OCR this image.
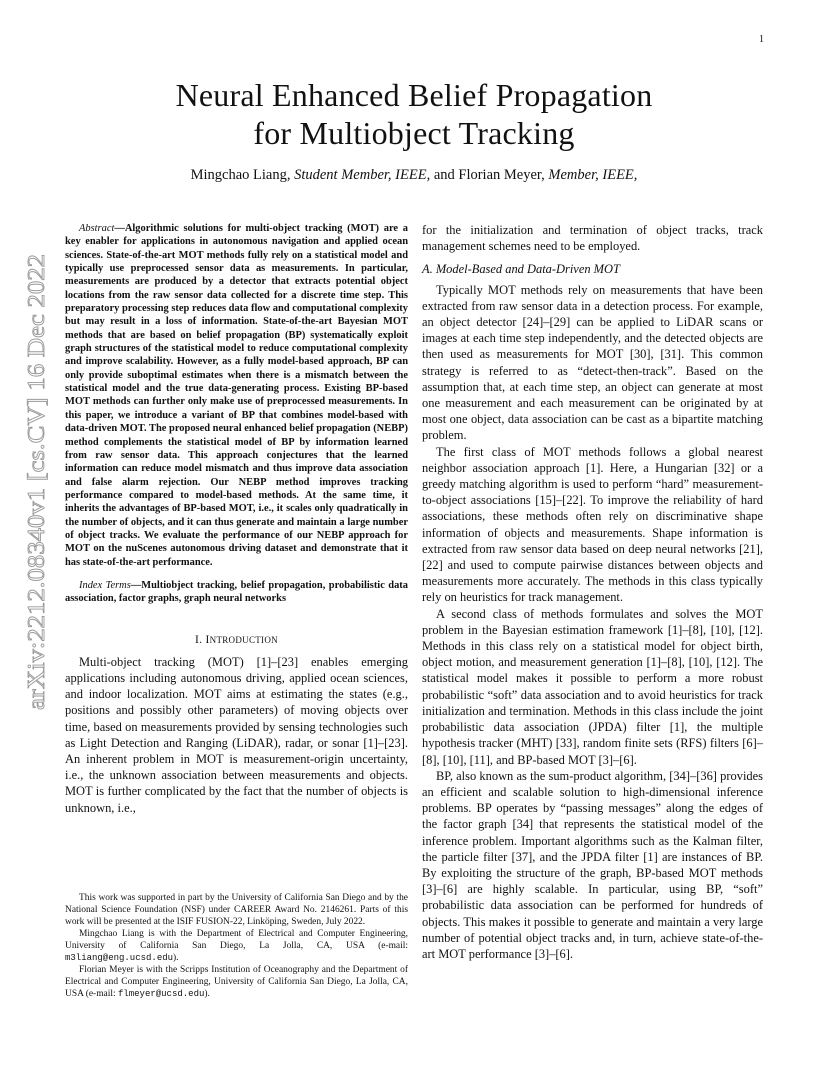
1
arXiv:2212.08340v1 [cs.CV] 16 Dec 2022
Neural Enhanced Belief Propagation
for Multiobject Tracking
Mingchao Liang, Student Member, IEEE, and Florian Meyer, Member, IEEE,

Abstract—Algorithmic solutions for multi-object tracking (MOT) are a key enabler for applications in autonomous navigation and applied ocean sciences. State-of-the-art MOT methods fully rely on a statistical model and typically use preprocessed sensor data as measurements. In particular, measurements are produced by a detector that extracts potential object locations from the raw sensor data collected for a discrete time step. This preparatory processing step reduces data flow and computational complexity but may result in a loss of information. State-of-the-art Bayesian MOT methods that are based on belief propagation (BP) systematically exploit graph structures of the statistical model to reduce computational complexity and improve scalability. However, as a fully model-based approach, BP can only provide suboptimal estimates when there is a mismatch between the statistical model and the true data-generating process. Existing BP-based MOT methods can further only make use of preprocessed measurements. In this paper, we introduce a variant of BP that combines model-based with data-driven MOT. The proposed neural enhanced belief propagation (NEBP) method complements the statistical model of BP by information learned from raw sensor data. This approach conjectures that the learned information can reduce model mismatch and thus improve data association and false alarm rejection. Our NEBP method improves tracking performance compared to model-based methods. At the same time, it inherits the advantages of BP-based MOT, i.e., it scales only quadratically in the number of objects, and it can thus generate and maintain a large number of object tracks. We evaluate the performance of our NEBP approach for MOT on the nuScenes autonomous driving dataset and demonstrate that it has state-of-the-art performance.

Index Terms—Multiobject tracking, belief propagation, probabilistic data association, factor graphs, graph neural networks

I. INTRODUCTION

Multi-object tracking (MOT) [1]–[23] enables emerging applications including autonomous driving, applied ocean sciences, and indoor localization. MOT aims at estimating the states (e.g., positions and possibly other parameters) of moving objects over time, based on measurements provided by sensing technologies such as Light Detection and Ranging (LiDAR), radar, or sonar [1]–[23]. An inherent problem in MOT is measurement-origin uncertainty, i.e., the unknown association between measurements and objects. MOT is further complicated by the fact that the number of objects is unknown, i.e.,

This work was supported in part by the University of California San Diego and by the National Science Foundation (NSF) under CAREER Award No. 2146261. Parts of this work will be presented at the ISIF FUSION-22, Linköping, Sweden, July 2022.

Mingchao Liang is with the Department of Electrical and Computer Engineering, University of California San Diego, La Jolla, CA, USA (e-mail: m3liang@eng.ucsd.edu).

Florian Meyer is with the Scripps Institution of Oceanography and the Department of Electrical and Computer Engineering, University of California San Diego, La Jolla, CA, USA (e-mail: flmeyer@ucsd.edu).

for the initialization and termination of object tracks, track management schemes need to be employed.

A. Model-Based and Data-Driven MOT

Typically MOT methods rely on measurements that have been extracted from raw sensor data in a detection process. For example, an object detector [24]–[29] can be applied to LiDAR scans or images at each time step independently, and the detected objects are then used as measurements for MOT [30], [31]. This common strategy is referred to as “detect-then-track”. Based on the assumption that, at each time step, an object can generate at most one measurement and each measurement can be originated by at most one object, data association can be cast as a bipartite matching problem.

The first class of MOT methods follows a global nearest neighbor association approach [1]. Here, a Hungarian [32] or a greedy matching algorithm is used to perform “hard” measurement-to-object associations [15]–[22]. To improve the reliability of hard associations, these methods often rely on discriminative shape information of objects and measurements. Shape information is extracted from raw sensor data based on deep neural networks [21], [22] and used to compute pairwise distances between objects and measurements more accurately. The methods in this class typically rely on heuristics for track management.

A second class of methods formulates and solves the MOT problem in the Bayesian estimation framework [1]–[8], [10], [12]. Methods in this class rely on a statistical model for object birth, object motion, and measurement generation [1]–[8], [10], [12]. The statistical model makes it possible to perform a more robust probabilistic “soft” data association and to avoid heuristics for track initialization and termination. Methods in this class include the joint probabilistic data association (JPDA) filter [1], the multiple hypothesis tracker (MHT) [33], random finite sets (RFS) filters [6]–[8], [10], [11], and BP-based MOT [3]–[6].

BP, also known as the sum-product algorithm, [34]–[36] provides an efficient and scalable solution to high-dimensional inference problems. BP operates by “passing messages” along the edges of the factor graph [34] that represents the statistical model of the inference problem. Important algorithms such as the Kalman filter, the particle filter [37], and the JPDA filter [1] are instances of BP. By exploiting the structure of the graph, BP-based MOT methods [3]–[6] are highly scalable. In particular, using BP, “soft” probabilistic data association can be performed for hundreds of objects. This makes it possible to generate and maintain a very large number of potential object tracks and, in turn, achieve state-of-the-art MOT performance [3]–[6].
